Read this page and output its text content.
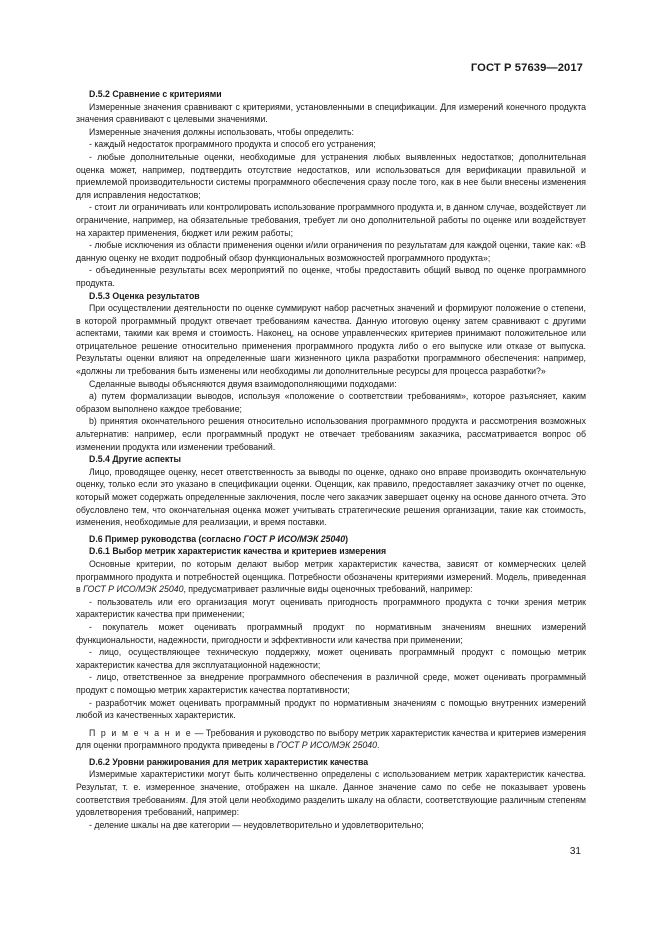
ГОСТ Р 57639—2017
D.5.2 Сравнение с критериями

Измеренные значения сравнивают с критериями, установленными в спецификации. Для измерений конечного продукта значения сравнивают с целевыми значениями.

Измеренные значения должны использовать, чтобы определить:

- каждый недостаток программного продукта и способ его устранения;

- любые дополнительные оценки, необходимые для устранения любых выявленных недостатков; дополнительная оценка может, например, подтвердить отсутствие недостатков, или использоваться для верификации правильной и приемлемой производительности системы программного обеспечения сразу после того, как в нее были внесены изменения для исправления недостатков;

- стоит ли ограничивать или контролировать использование программного продукта и, в данном случае, воздействует ли ограничение, например, на обязательные требования, требует ли оно дополнительной работы по оценке или воздействует на характер применения, бюджет или режим работы;

- любые исключения из области применения оценки и/или ограничения по результатам для каждой оценки, такие как: «В данную оценку не входит подробный обзор функциональных возможностей программного продукта»;

- объединенные результаты всех мероприятий по оценке, чтобы предоставить общий вывод по оценке программного продукта.

D.5.3 Оценка результатов

При осуществлении деятельности по оценке суммируют набор расчетных значений и формируют положение о степени, в которой программный продукт отвечает требованиям качества. Данную итоговую оценку затем сравнивают с другими аспектами, такими как время и стоимость. Наконец, на основе управленческих критериев принимают положительное или отрицательное решение относительно применения программного продукта либо о его выпуске или отказе от выпуска. Результаты оценки влияют на определенные шаги жизненного цикла разработки программного обеспечения: например, «должны ли требования быть изменены или необходимы ли дополнительные ресурсы для процесса разработки?»

Сделанные выводы объясняются двумя взаимодополняющими подходами:

а) путем формализации выводов, используя «положение о соответствии требованиям», которое разъясняет, каким образом выполнено каждое требование;

b) принятия окончательного решения относительно использования программного продукта и рассмотрения возможных альтернатив: например, если программный продукт не отвечает требованиям заказчика, рассматривается вопрос об изменении продукта или изменении требований.

D.5.4 Другие аспекты

Лицо, проводящее оценку, несет ответственность за выводы по оценке, однако оно вправе производить окончательную оценку, только если это указано в спецификации оценки. Оценщик, как правило, предоставляет заказчику отчет по оценке, который может содержать определенные заключения, после чего заказчик завершает оценку на основе данного отчета. Это обусловлено тем, что окончательная оценка может учитывать стратегические решения организации, такие как стоимость, изменения, необходимые для реализации, и время поставки.

D.6 Пример руководства (согласно ГОСТ Р ИСО/МЭК 25040)
D.6.1 Выбор метрик характеристик качества и критериев измерения

Основные критерии, по которым делают выбор метрик характеристик качества, зависят от коммерческих целей программного продукта и потребностей оценщика. Потребности обозначены критериями измерений. Модель, приведенная в ГОСТ Р ИСО/МЭК 25040, предусматривает различные виды оценочных требований, например:

- пользователь или его организация могут оценивать пригодность программного продукта с точки зрения метрик характеристик качества при применении;

- покупатель может оценивать программный продукт по нормативным значениям внешних измерений функциональности, надежности, пригодности и эффективности или качества при применении;

- лицо, осуществляющее техническую поддержку, может оценивать программный продукт с помощью метрик характеристик качества для эксплуатационной надежности;

- лицо, ответственное за внедрение программного обеспечения в различной среде, может оценивать программный продукт с помощью метрик характеристик качества портативности;

- разработчик может оценивать программный продукт по нормативным значениям с помощью внутренних измерений любой из качественных характеристик.

П р и м е ч а н и е — Требования и руководство по выбору метрик характеристик качества и критериев измерения для оценки программного продукта приведены в ГОСТ Р ИСО/МЭК 25040.

D.6.2 Уровни ранжирования для метрик характеристик качества

Измеримые характеристики могут быть количественно определены с использованием метрик характеристик качества. Результат, т. е. измеренное значение, отображен на шкале. Данное значение само по себе не показывает уровень соответствия требованиям. Для этой цели необходимо разделить шкалу на области, соответствующие различным степеням удовлетворения требований, например:

- деление шкалы на две категории — неудовлетворительно и удовлетворительно;

31
